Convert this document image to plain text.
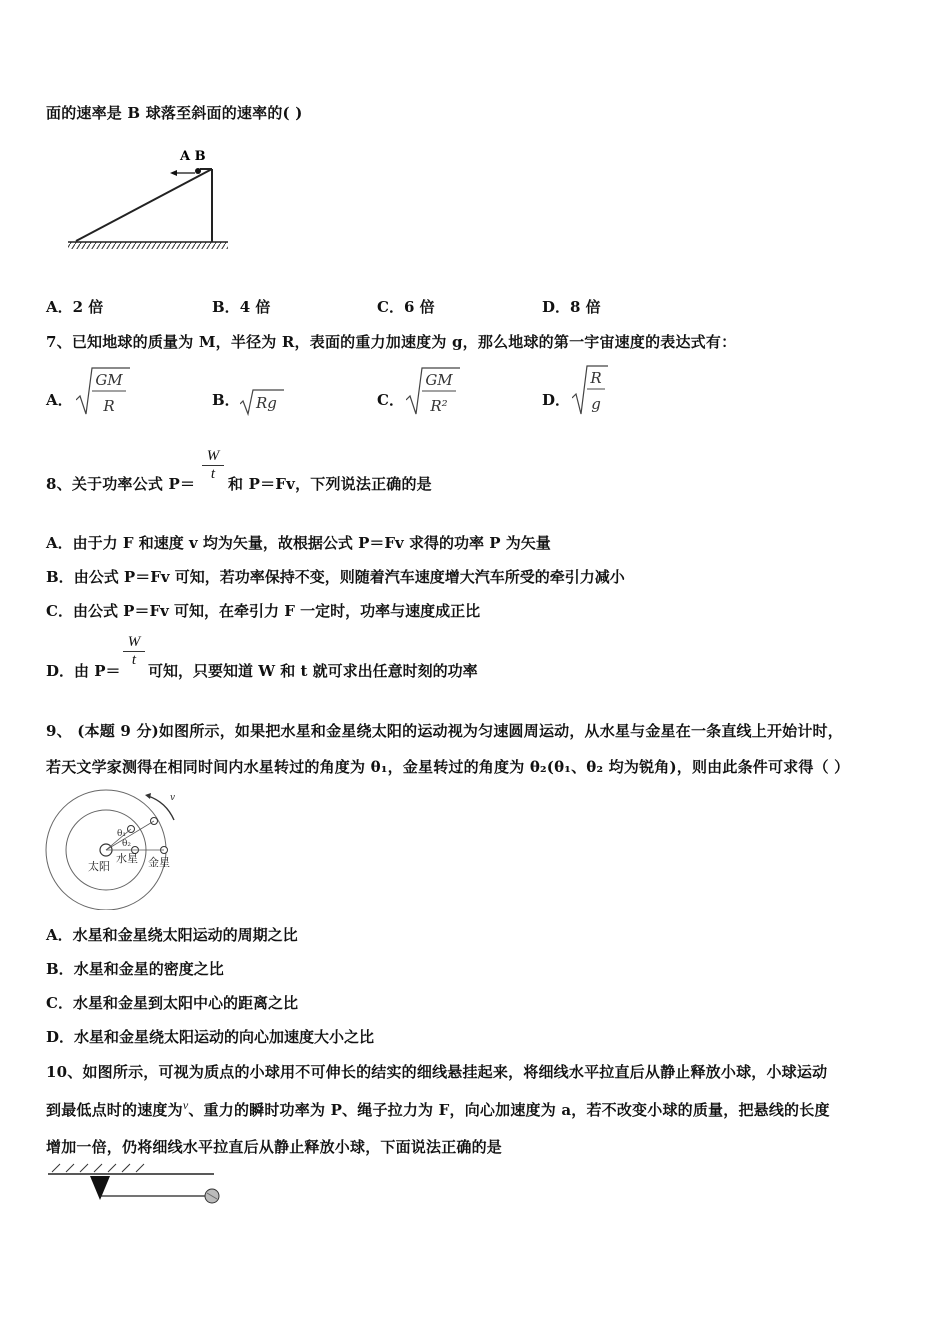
面的速率是 B 球落至斜面的速率的( )
A B
A．2 倍	B．4 倍	C．6 倍	D．8 倍
7、已知地球的质量为 M，半径为 R，表面的重力加速度为 g，那么地球的第一宇宙速度的表达式有：
A．
GM
R	B． Rg	C．
GM
R²	D．
R
g
8、关于功率公式 P＝
$\frac{W}{t}$
和 P＝Fv，下列说法正确的是
A．由于力 F 和速度 v 均为矢量，故根据公式 P＝Fv 求得的功率 P 为矢量
B．由公式 P＝Fv 可知，若功率保持不变，则随着汽车速度增大汽车所受的牵引力减小
C．由公式 P＝Fv 可知，在牵引力 F 一定时，功率与速度成正比
D．由 P＝
$\frac{W}{t}$
可知，只要知道 W 和 t 就可求出任意时刻的功率
9、 (本题 9 分)如图所示，如果把水星和金星绕太阳的运动视为匀速圆周运动，从水星与金星在一条直线上开始计时，
若天文学家测得在相同时间内水星转过的角度为 θ₁，金星转过的角度为 θ₂(θ₁、θ₂ 均为锐角)，则由此条件可求得（ ）
v
θ₁
θ₂
太阳
水星 金星
A．水星和金星绕太阳运动的周期之比
B．水星和金星的密度之比
C．水星和金星到太阳中心的距离之比
D．水星和金星绕太阳运动的向心加速度大小之比
10、如图所示，可视为质点的小球用不可伸长的结实的细线悬挂起来，将细线水平拉直后从静止释放小球，小球运动
到最低点时的速度为$^v$、重力的瞬时功率为 P、绳子拉力为 F，向心加速度为 a，若不改变小球的质量，把悬线的长度
增加一倍，仍将细线水平拉直后从静止释放小球，下面说法正确的是
